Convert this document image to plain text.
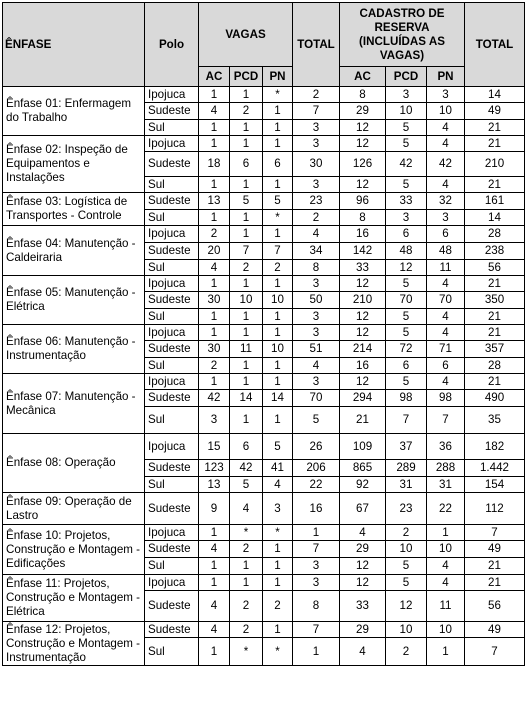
ÊNFASE	Polo	VAGAS			TOTAL	CADASTRO DE RESERVA (INCLUÍDAS AS VAGAS)			TOTAL
		AC	PCD	PN		AC	PCD	PN	
Ênfase 01: Enfermagem do Trabalho	Ipojuca	1	1	*	2	8	3	3	14
	Sudeste	4	2	1	7	29	10	10	49
	Sul	1	1	1	3	12	5	4	21
Ênfase 02: Inspeção de Equipamentos e Instalações	Ipojuca	1	1	1	3	12	5	4	21
	Sudeste	18	6	6	30	126	42	42	210
	Sul	1	1	1	3	12	5	4	21
Ênfase 03: Logística de Transportes - Controle	Sudeste	13	5	5	23	96	33	32	161
	Sul	1	1	*	2	8	3	3	14
Ênfase 04: Manutenção - Caldeiraria	Ipojuca	2	1	1	4	16	6	6	28
	Sudeste	20	7	7	34	142	48	48	238
	Sul	4	2	2	8	33	12	11	56
Ênfase 05: Manutenção - Elétrica	Ipojuca	1	1	1	3	12	5	4	21
	Sudeste	30	10	10	50	210	70	70	350
	Sul	1	1	1	3	12	5	4	21
Ênfase 06: Manutenção - Instrumentação	Ipojuca	1	1	1	3	12	5	4	21
	Sudeste	30	11	10	51	214	72	71	357
	Sul	2	1	1	4	16	6	6	28
Ênfase 07: Manutenção - Mecânica	Ipojuca	1	1	1	3	12	5	4	21
	Sudeste	42	14	14	70	294	98	98	490
	Sul	3	1	1	5	21	7	7	35
Ênfase 08: Operação	Ipojuca	15	6	5	26	109	37	36	182
	Sudeste	123	42	41	206	865	289	288	1.442
	Sul	13	5	4	22	92	31	31	154
Ênfase 09: Operação de Lastro	Sudeste	9	4	3	16	67	23	22	112
Ênfase 10: Projetos, Construção e Montagem - Edificações	Ipojuca	1	*	*	1	4	2	1	7
	Sudeste	4	2	1	7	29	10	10	49
	Sul	1	1	1	3	12	5	4	21
Ênfase 11: Projetos, Construção e Montagem - Elétrica	Ipojuca	1	1	1	3	12	5	4	21
	Sudeste	4	2	2	8	33	12	11	56
Ênfase 12: Projetos, Construção e Montagem - Instrumentação	Sudeste	4	2	1	7	29	10	10	49
	Sul	1	*	*	1	4	2	1	7
